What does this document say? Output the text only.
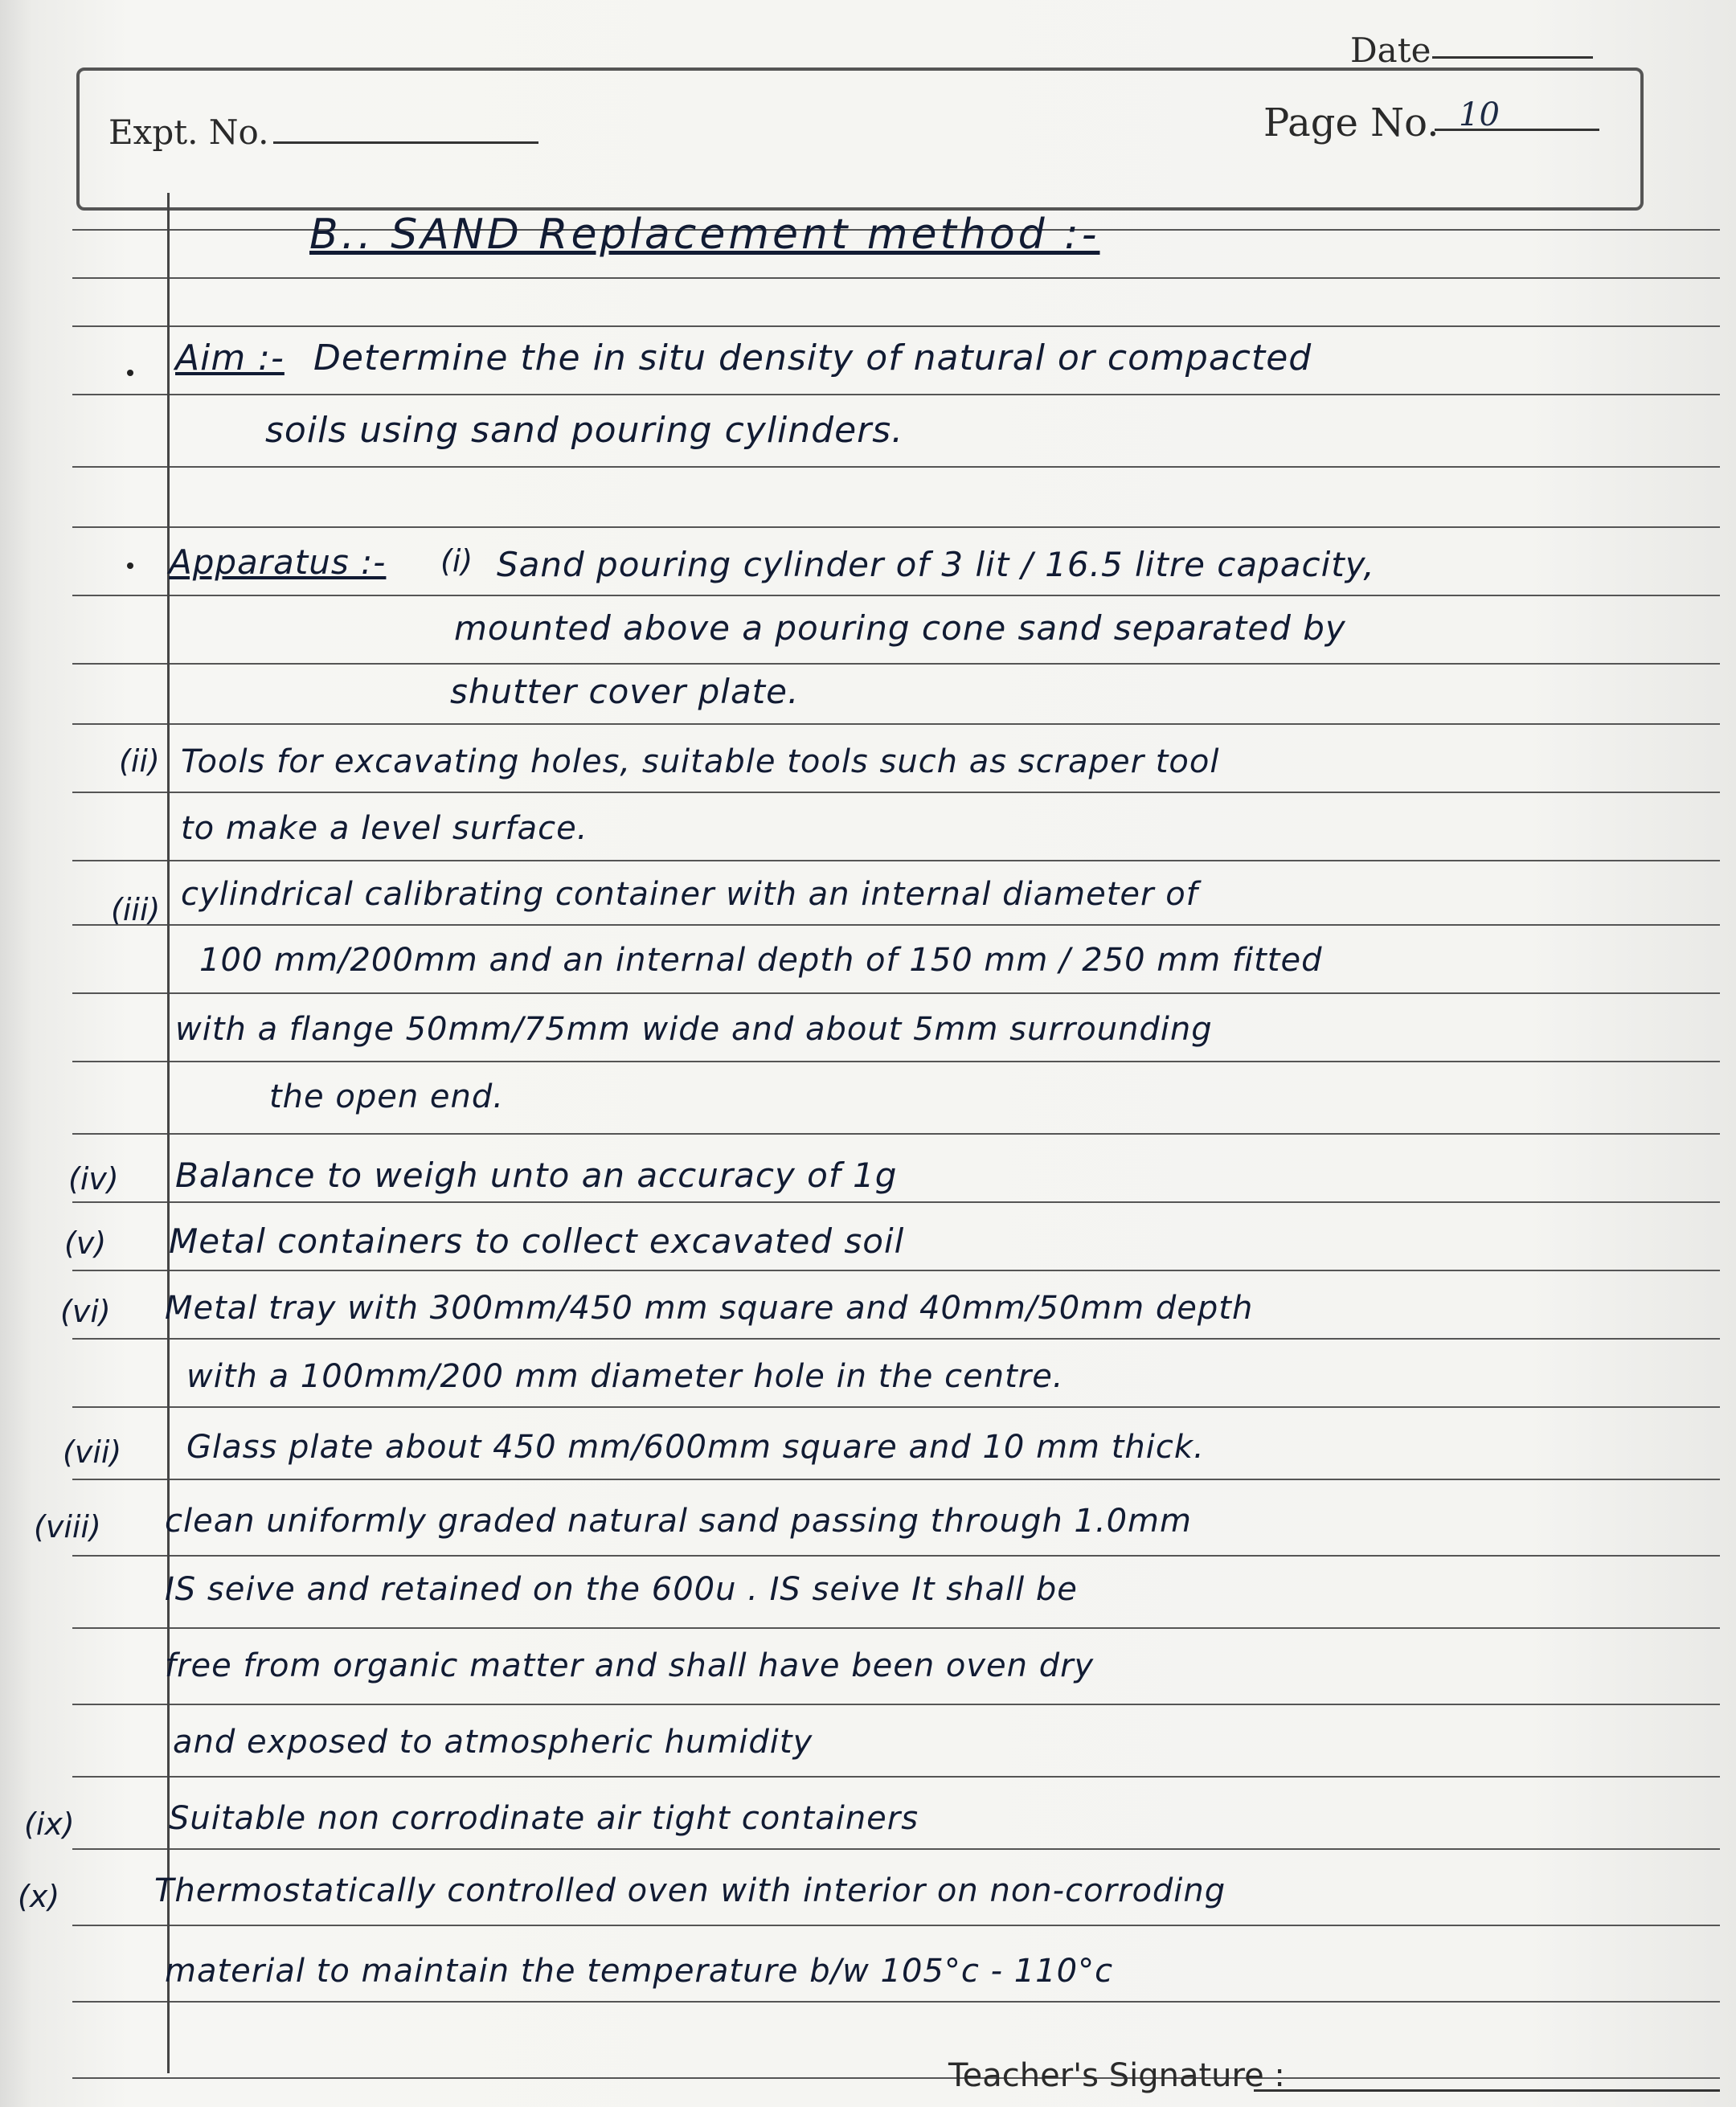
Date
Expt. No.	Page No. 10
B.. SAND Replacement method :-
Aim :- Determine the in situ density of natural or compacted
soils using sand pouring cylinders.
Apparatus :- (i) Sand pouring cylinder of 3 lit / 16.5 litre capacity,
mounted above a pouring cone sand separated by
shutter cover plate.
(ii) Tools for excavating holes, suitable tools such as scraper tool
to make a level surface.
(iii) cylindrical calibrating container with an internal diameter of
100 mm/200mm and an internal depth of 150 mm / 250 mm fitted
with a flange 50mm/75mm wide and about 5mm surrounding
the open end.
(iv) Balance to weigh unto an accuracy of 1g
(v) Metal containers to collect excavated soil
(vi) Metal tray with 300mm/450 mm square and 40mm/50mm depth
with a 100mm/200 mm diameter hole in the centre.
(vii) Glass plate about 450 mm/600mm square and 10 mm thick.
(viii) clean uniformly graded natural sand passing through 1.0mm
IS seive and retained on the 600u . IS seive It shall be
free from organic matter and shall have been oven dry
and exposed to atmospheric humidity
(ix)	Suitable non corrodinate air tight containers
(x)	Thermostatically controlled oven with interior on non-corroding
material to maintain the temperature b/w 105°c - 110°c
Teacher's Signature :
